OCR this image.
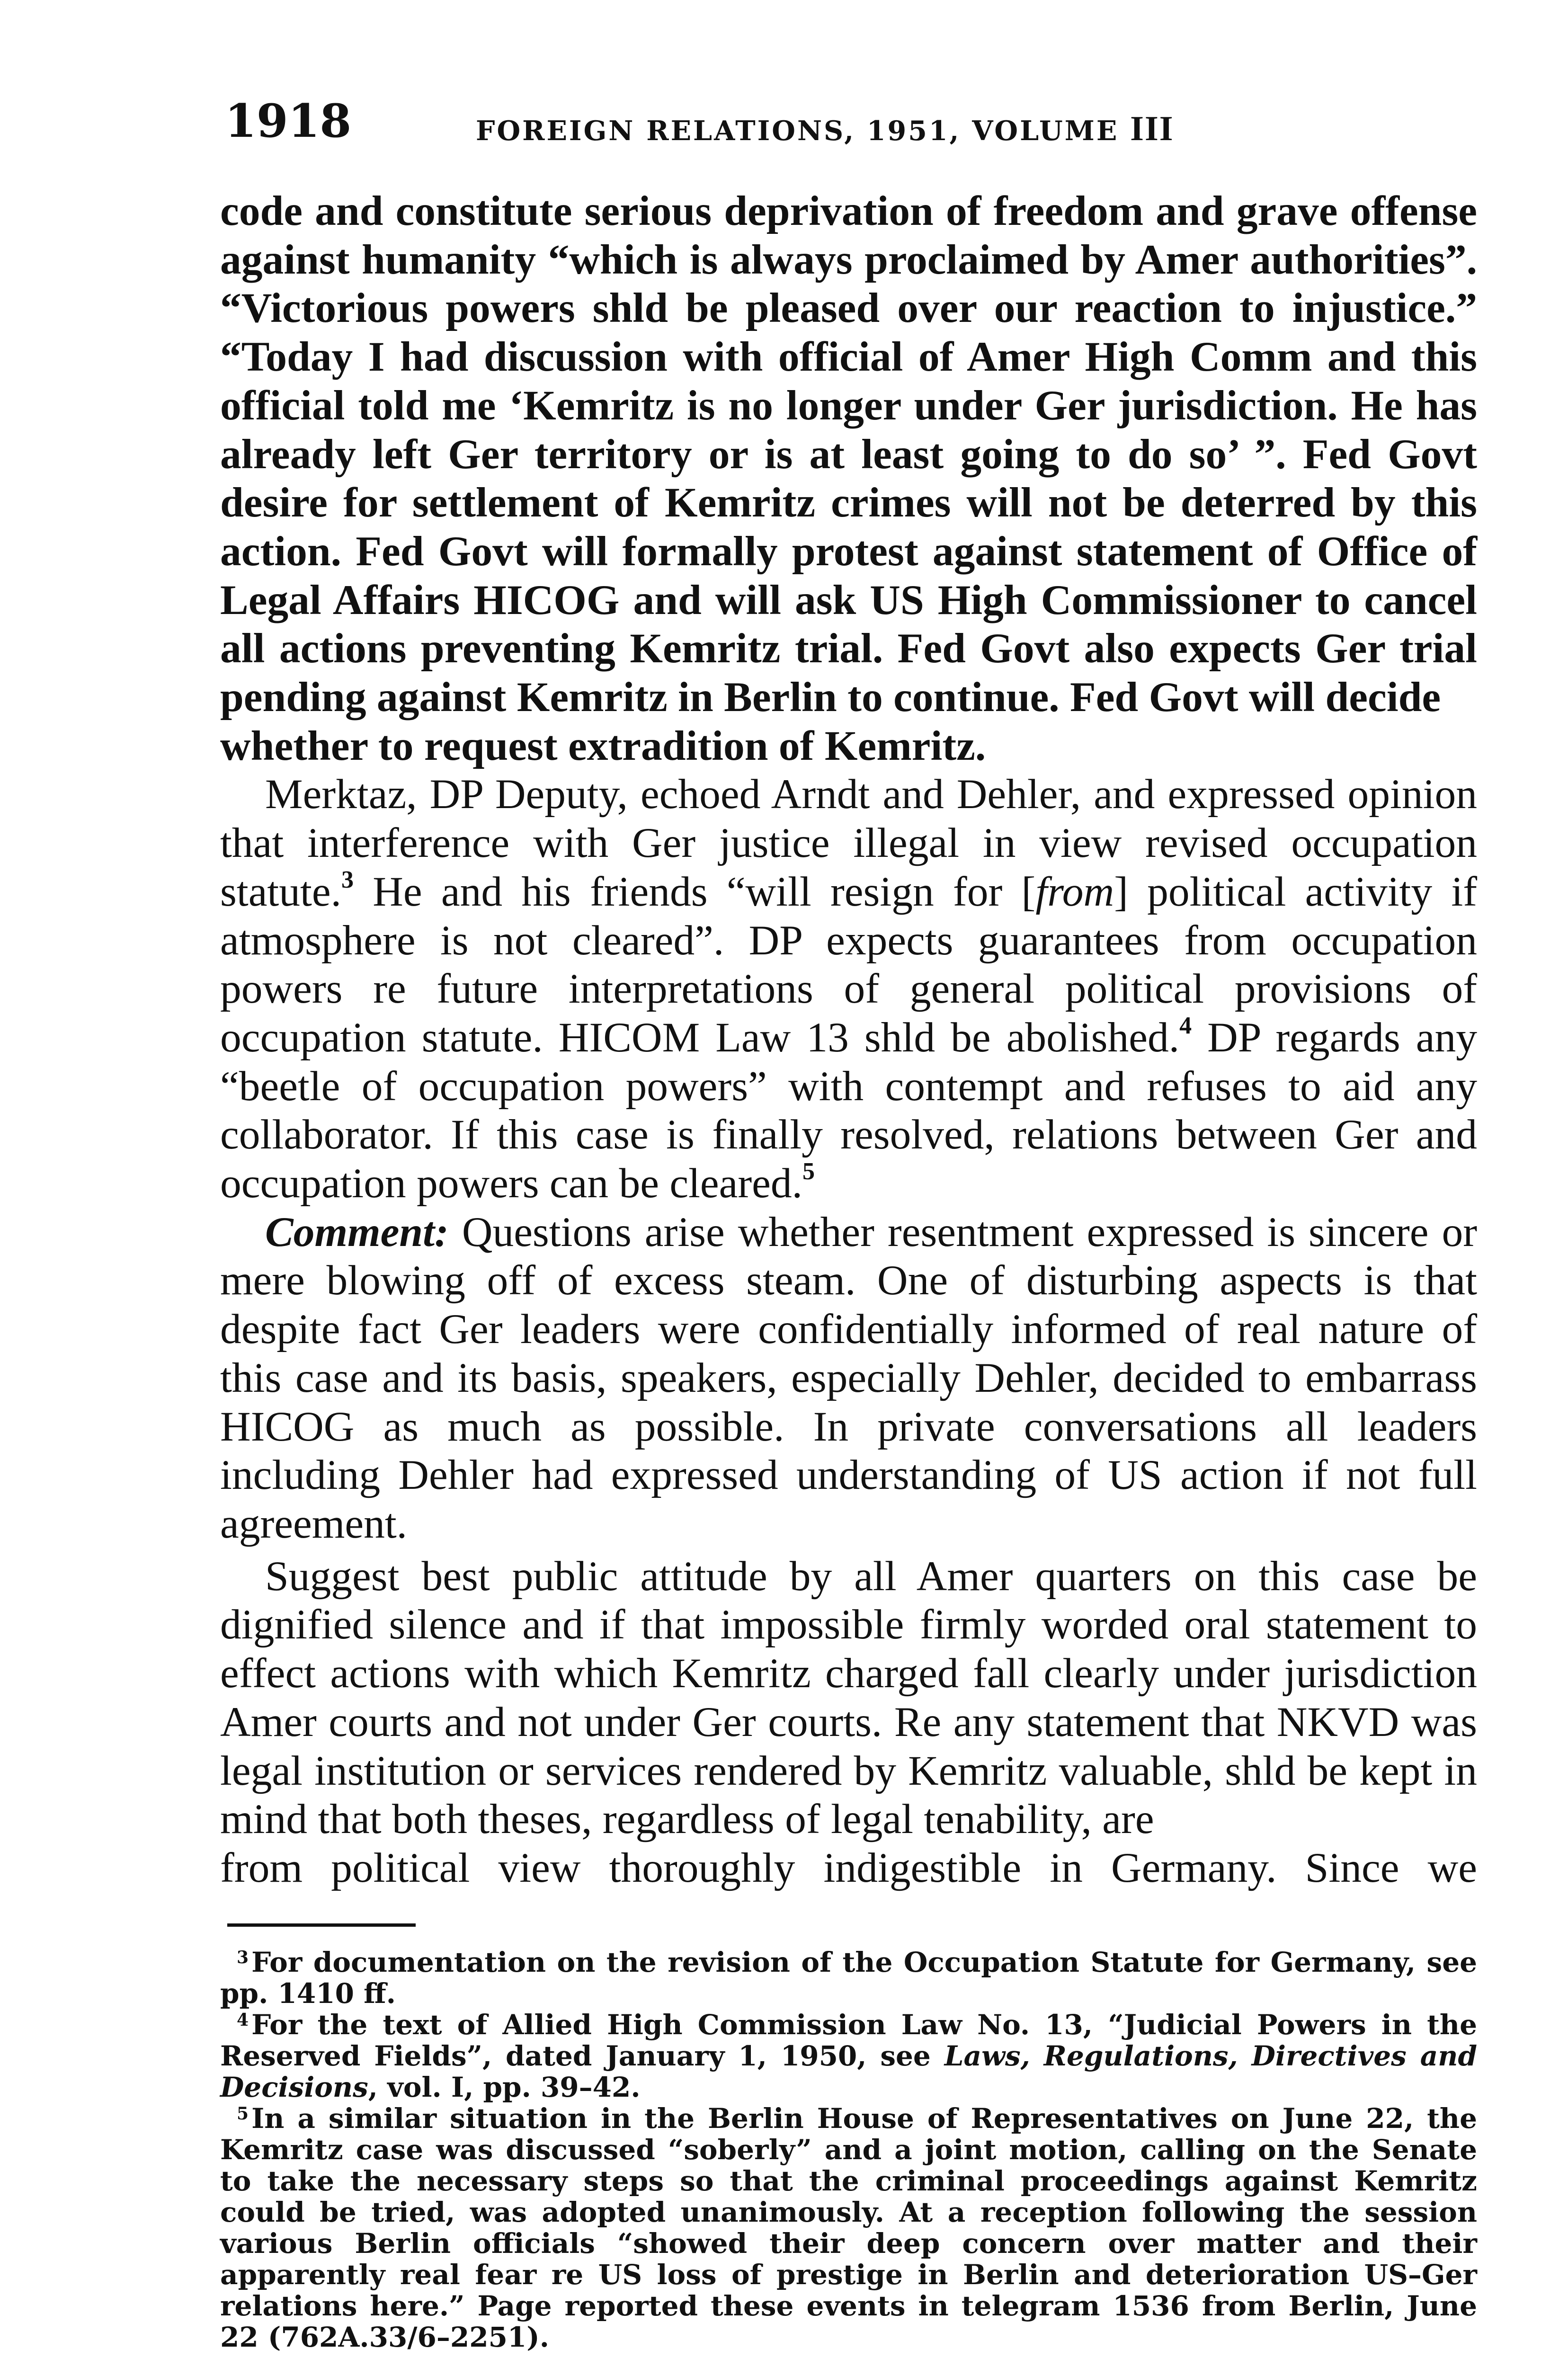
1918	FOREIGN RELATIONS, 1951, VOLUME III

code and constitute serious deprivation of freedom and grave offense against humanity “which is always proclaimed by Amer authorities”. “Victorious powers shld be pleased over our reaction to injustice.” “Today I had discussion with official of Amer High Comm and this official told me ‘Kemritz is no longer under Ger jurisdiction. He has already left Ger territory or is at least going to do so’ ”. Fed Govt desire for settlement of Kemritz crimes will not be deterred by this action. Fed Govt will formally protest against statement of Office of Legal Affairs HICOG and will ask US High Commissioner to cancel all actions preventing Kemritz trial. Fed Govt also expects Ger trial pending against Kemritz in Berlin to continue. Fed Govt will decide
whether to request extradition of Kemritz.

Merktaz, DP Deputy, echoed Arndt and Dehler, and expressed opinion that interference with Ger justice illegal in view revised occupation statute.$^3$ He and his friends “will resign for [from] political activity if atmosphere is not cleared”. DP expects guarantees from occupation powers re future interpretations of general political provisions of occupation statute. HICOM Law 13 shld be abolished.$^4$ DP regards any “beetle of occupation powers” with contempt and refuses to aid any collaborator. If this case is finally resolved, relations between Ger and occupation powers can be cleared.$^5$

Comment: Questions arise whether resentment expressed is sincere or mere blowing off of excess steam. One of disturbing aspects is that despite fact Ger leaders were confidentially informed of real nature of this case and its basis, speakers, especially Dehler, decided to embarrass HICOG as much as possible. In private conversations all leaders including Dehler had expressed understanding of US action if not full agreement.

Suggest best public attitude by all Amer quarters on this case be dignified silence and if that impossible firmly worded oral statement to effect actions with which Kemritz charged fall clearly under jurisdiction Amer courts and not under Ger courts. Re any statement that NKVD was legal institution or services rendered by Kemritz valuable, shld be kept in mind that both theses, regardless of legal tenability, are

from political view thoroughly indigestible in Germany. Since we

$^3$ For documentation on the revision of the Occupation Statute for Germany, see pp. 1410 ff.

$^4$ For the text of Allied High Commission Law No. 13, “Judicial Powers in the Reserved Fields”, dated January 1, 1950, see Laws, Regulations, Directives and Decisions, vol. I, pp. 39–42.

$^5$ In a similar situation in the Berlin House of Representatives on June 22, the Kemritz case was discussed “soberly” and a joint motion, calling on the Senate to take the necessary steps so that the criminal proceedings against Kemritz could be tried, was adopted unanimously. At a reception following the session various Berlin officials “showed their deep concern over matter and their apparently real fear re US loss of prestige in Berlin and deterioration US–Ger relations here.” Page reported these events in telegram 1536 from Berlin, June 22 (762A.33/6–2251).
